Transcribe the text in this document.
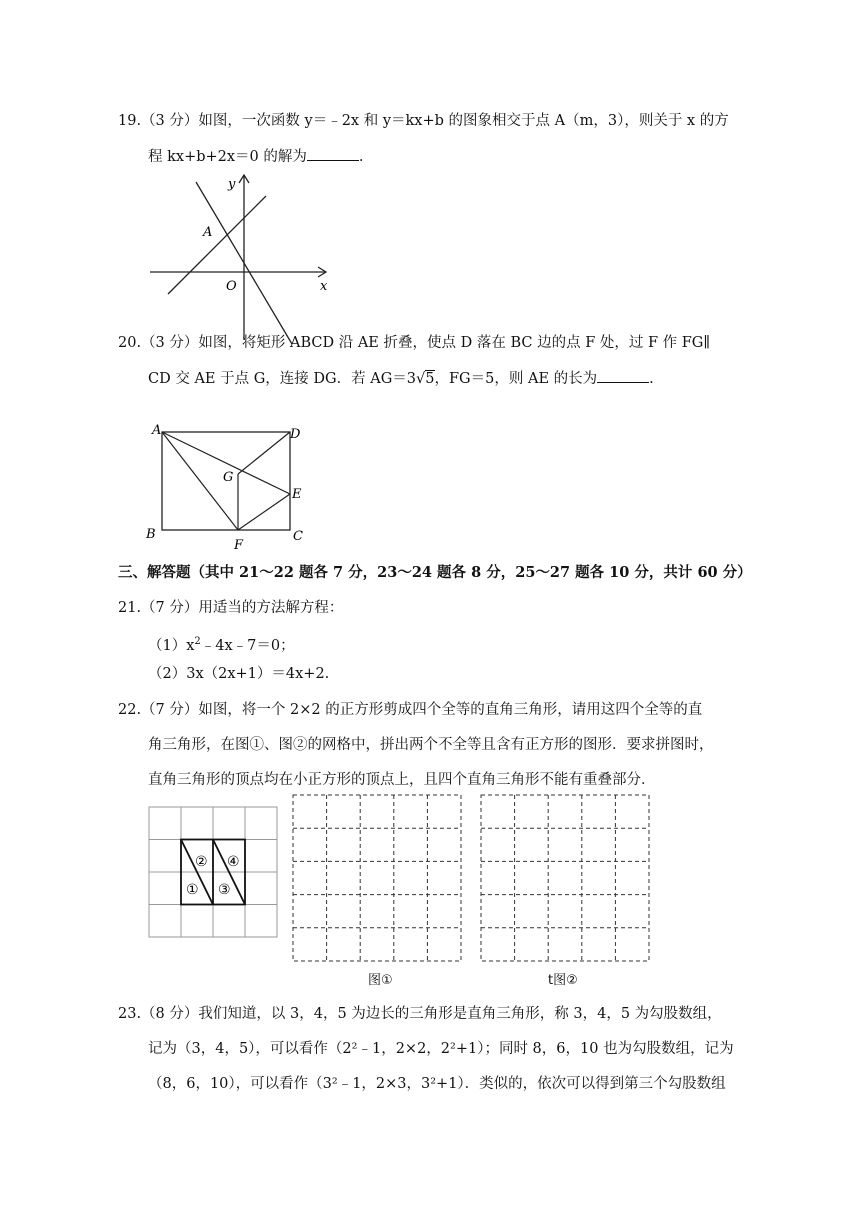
19.（3 分）如图，一次函数 y＝﹣2x 和 y＝kx+b 的图象相交于点 A（m，3），则关于 x 的方
程 kx+b+2x＝0 的解为	.
y
x
O
A
20.（3 分）如图，将矩形 ABCD 沿 AE 折叠，使点 D 落在 BC 边的点 F 处，过 F 作 FG∥
CD 交 AE 于点 G，连接 DG．若 AG＝3√5，FG＝5，则 AE 的长为	.
A
B	C
D
E
F
G
三、解答题（其中 21～22 题各 7 分，23～24 题各 8 分，25～27 题各 10 分，共计 60 分）
21.（7 分）用适当的方法解方程：
$(1)x^2﹣4x﹣7=0$；
（2）3x（2x+1）＝4x+2.
22.（7 分）如图，将一个 2×2 的正方形剪成四个全等的直角三角形，请用这四个全等的直
角三角形，在图①、图②的网格中，拼出两个不全等且含有正方形的图形．要求拼图时，
直角三角形的顶点均在小正方形的顶点上，且四个直角三角形不能有重叠部分．
①
②
③
④
图①	t图②
23.（8 分）我们知道，以 3，4，5 为边长的三角形是直角三角形，称 3，4，5 为勾股数组，
记为（3，4，5），可以看作（2²﹣1，2×2，2²+1）；同时 8，6，10 也为勾股数组，记为
（8，6，10），可以看作（3²﹣1，2×3，3²+1）．类似的，依次可以得到第三个勾股数组
